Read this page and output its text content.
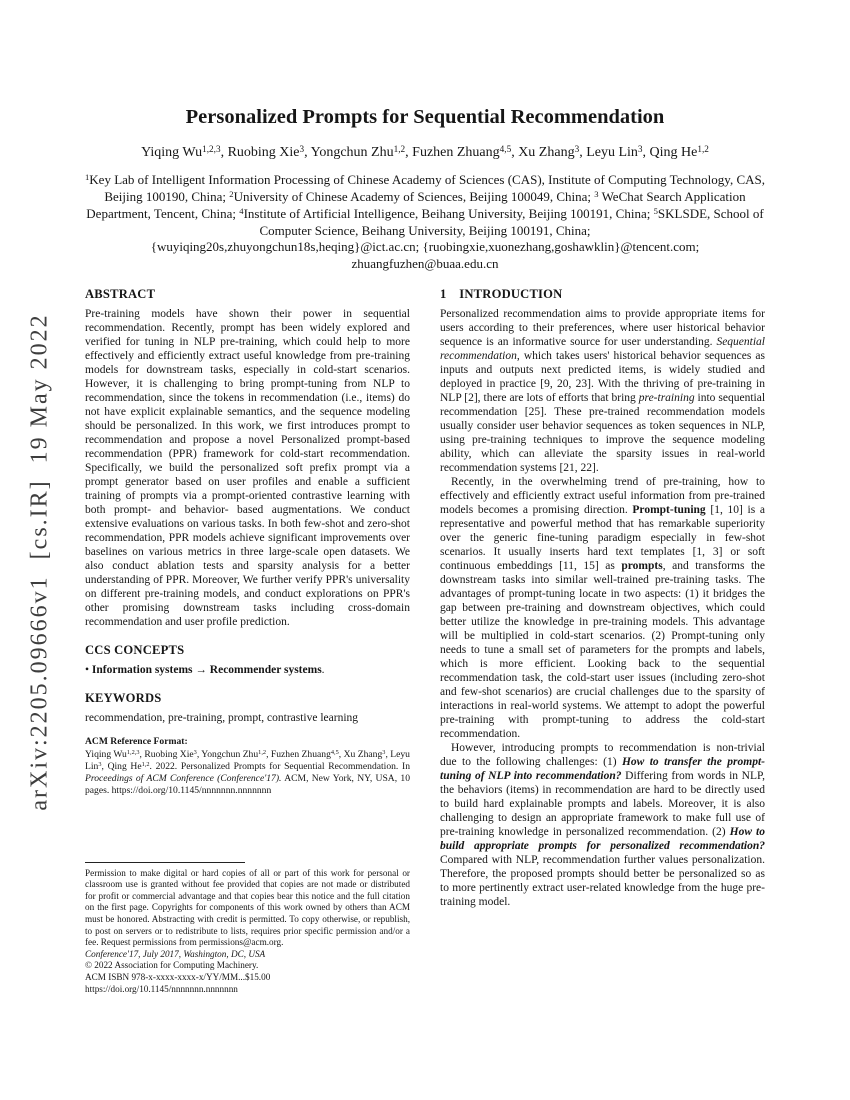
arXiv:2205.09666v1  [cs.IR]  19 May 2022
Personalized Prompts for Sequential Recommendation
Yiqing Wu$^{1,2,3}$, Ruobing Xie$^3$, Yongchun Zhu$^{1,2}$, Fuzhen Zhuang$^{4,5}$, Xu Zhang$^3$, Leyu Lin$^3$, Qing He$^{1,2}$
$^1$Key Lab of Intelligent Information Processing of Chinese Academy of Sciences (CAS), Institute of Computing Technology, CAS, Beijing 100190, China; $^2$University of Chinese Academy of Sciences, Beijing 100049, China; $^3$ WeChat Search Application Department, Tencent, China; $^4$Institute of Artificial Intelligence, Beihang University, Beijing 100191, China; $^5$SKLSDE, School of Computer Science, Beihang University, Beijing 100191, China;
{wuyiqing20s,zhuyongchun18s,heqing}@ict.ac.cn; {ruobingxie,xuonezhang,goshawklin}@tencent.com;
zhuangfuzhen@buaa.edu.cn
ABSTRACT

Pre-training models have shown their power in sequential recommendation. Recently, prompt has been widely explored and verified for tuning in NLP pre-training, which could help to more effectively and efficiently extract useful knowledge from pre-training models for downstream tasks, especially in cold-start scenarios. However, it is challenging to bring prompt-tuning from NLP to recommendation, since the tokens in recommendation (i.e., items) do not have explicit explainable semantics, and the sequence modeling should be personalized. In this work, we first introduces prompt to recommendation and propose a novel Personalized prompt-based recommendation (PPR) framework for cold-start recommendation. Specifically, we build the personalized soft prefix prompt via a prompt generator based on user profiles and enable a sufficient training of prompts via a prompt-oriented contrastive learning with both prompt- and behavior- based augmentations. We conduct extensive evaluations on various tasks. In both few-shot and zero-shot recommendation, PPR models achieve significant improvements over baselines on various metrics in three large-scale open datasets. We also conduct ablation tests and sparsity analysis for a better understanding of PPR. Moreover, We further verify PPR's universality on different pre-training models, and conduct explorations on PPR's other promising downstream tasks including cross-domain recommendation and user profile prediction.

CCS CONCEPTS

• Information systems → Recommender systems.

KEYWORDS

recommendation, pre-training, prompt, contrastive learning

ACM Reference Format:

Yiqing Wu$^{1,2,3}$, Ruobing Xie$^3$, Yongchun Zhu$^{1,2}$, Fuzhen Zhuang$^{4,5}$, Xu Zhang$^3$, Leyu Lin$^3$, Qing He$^{1,2}$. 2022. Personalized Prompts for Sequential Recommendation. In Proceedings of ACM Conference (Conference'17). ACM, New York, NY, USA, 10 pages. https://doi.org/10.1145/nnnnnnn.nnnnnnn

Permission to make digital or hard copies of all or part of this work for personal or classroom use is granted without fee provided that copies are not made or distributed for profit or commercial advantage and that copies bear this notice and the full citation on the first page. Copyrights for components of this work owned by others than ACM must be honored. Abstracting with credit is permitted. To copy otherwise, or republish, to post on servers or to redistribute to lists, requires prior specific permission and/or a fee. Request permissions from permissions@acm.org.

Conference'17, July 2017, Washington, DC, USA

© 2022 Association for Computing Machinery.

ACM ISBN 978-x-xxxx-xxxx-x/YY/MM...$15.00

https://doi.org/10.1145/nnnnnnn.nnnnnnn

1 INTRODUCTION

Personalized recommendation aims to provide appropriate items for users according to their preferences, where user historical behavior sequence is an informative source for user understanding. Sequential recommendation, which takes users' historical behavior sequences as inputs and outputs next predicted items, is widely studied and deployed in practice [9, 20, 23]. With the thriving of pre-training in NLP [2], there are lots of efforts that bring pre-training into sequential recommendation [25]. These pre-trained recommendation models usually consider user behavior sequences as token sequences in NLP, using pre-training techniques to improve the sequence modeling ability, which can alleviate the sparsity issues in real-world recommendation systems [21, 22].

Recently, in the overwhelming trend of pre-training, how to effectively and efficiently extract useful information from pre-trained models becomes a promising direction. Prompt-tuning [1, 10] is a representative and powerful method that has remarkable superiority over the generic fine-tuning paradigm especially in few-shot scenarios. It usually inserts hard text templates [1, 3] or soft continuous embeddings [11, 15] as prompts, and transforms the downstream tasks into similar well-trained pre-training tasks. The advantages of prompt-tuning locate in two aspects: (1) it bridges the gap between pre-training and downstream objectives, which could better utilize the knowledge in pre-training models. This advantage will be multiplied in cold-start scenarios. (2) Prompt-tuning only needs to tune a small set of parameters for the prompts and labels, which is more efficient. Looking back to the sequential recommendation task, the cold-start user issues (including zero-shot and few-shot scenarios) are crucial challenges due to the sparsity of interactions in real-world systems. We attempt to adopt the powerful pre-training with prompt-tuning to address the cold-start recommendation.

However, introducing prompts to recommendation is non-trivial due to the following challenges: (1) How to transfer the prompt-tuning of NLP into recommendation? Differing from words in NLP, the behaviors (items) in recommendation are hard to be directly used to build hard explainable prompts and labels. Moreover, it is also challenging to design an appropriate framework to make full use of pre-training knowledge in personalized recommendation. (2) How to build appropriate prompts for personalized recommendation? Compared with NLP, recommendation further values personalization. Therefore, the proposed prompts should better be personalized so as to more pertinently extract user-related knowledge from the huge pre-training model.
